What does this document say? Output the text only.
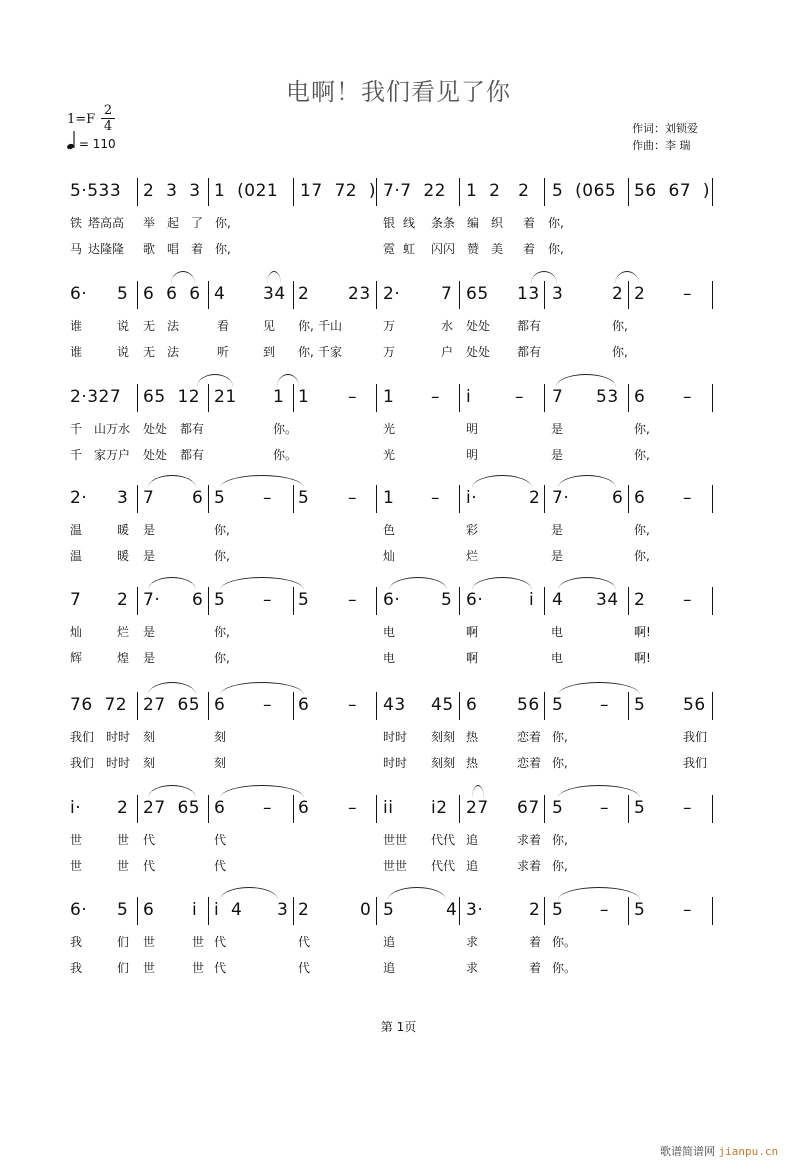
电啊！我们看见了你
$1=F \frac{2}{4}$
= 110
作词：刘锁爱
作曲：李 瑞
5·533 2  3  3 1  (021 17  72  ) 7·7  22 1  2   2 5  (065 56  67  )
铁 塔高高 举 起 了 你,	银 线 条条 编 织 着 你,
马 达隆隆 歌 唱 着 你,	霓 虹 闪闪 赞 美 着 你,
6· 5 6  6  6 4 34 2 23 2· 7 65 13 3	2 2 –
谁	说 无 法	看	见 你, 千山	万	水 处处 都有	你,
谁	说 无 法	听	到 你, 千家	万	户 处处 都有	你,
2·327 65  12 21 1 1 – 1 – i	– 7 53 6 –
千 山万水 处处 都有	你。	光	明	是	你,
千 家万户 处处 都有	你。	光	明	是	你,
2· 3 7 6 5 – 5 – 1 – i·	2 7·	6 6 –
温	暖 是	你,	色	彩	是	你,
温	暖 是	你,	灿	烂	是	你,
7 2 7· 6 5 – 5 – 6· 5 6·	i 4 34 2 –
灿	烂 是	你,	电	啊	电	啊!
辉	煌 是	你,	电	啊	电	啊!
76  72 27  65 6 – 6 – 43 45 6 56 5 – 5 56
我们 时时 刻	刻	时时 刻刻 热	恋着 你,	我们
我们 时时 刻	刻	时时 刻刻 热	恋着 你,	我们
i· 2 27  65 6 – 6 – ii i2 27 67 5 – 5 –
世	世 代	代	世世 代代 追	求着 你,
世	世 代	代	世世 代代 追	求着 你,
6· 5 6 i i  4 3 2	0 5	4 3·	2 5 – 5 –
我	们 世	世 代	代	追	求	着 你。
我	们 世	世 代	代	追	求	着 你。
第 1页
歌谱简谱网 jianpu.cn
